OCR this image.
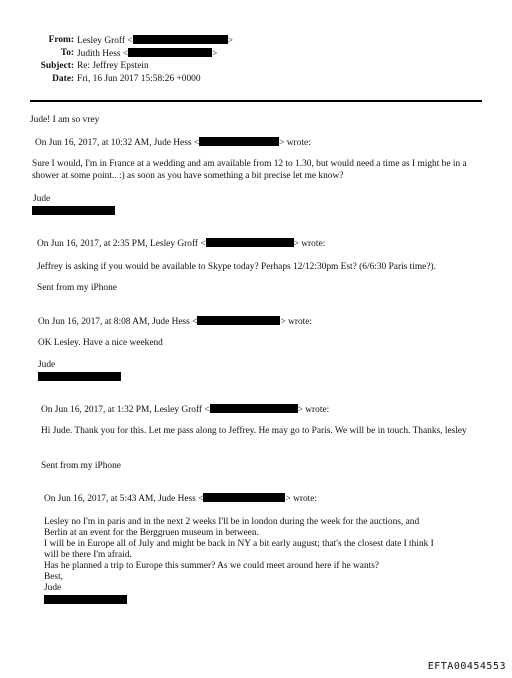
From: Lesley Groff <	>
To: Judith Hess <	>
Subject: Re: Jeffrey Epstein
Date: Fri, 16 Jun 2017 15:58:26 +0000
Jude! I am so vrey
On Jun 16, 2017, at 10:32 AM, Jude Hess <	> wrote:
Sure I would, I'm in France at a wedding and am available from 12 to 1.30, but would need a time as I might be in a shower at some point.. :) as soon as you have something a bit precise let me know?
Jude
On Jun 16, 2017, at 2:35 PM, Lesley Groff <	> wrote:
Jeffrey is asking if you would be available to Skype today? Perhaps 12/12:30pm Est? (6/6:30 Paris time?).
Sent from my iPhone
On Jun 16, 2017, at 8:08 AM, Jude Hess <	> wrote:
OK Lesley. Have a nice weekend
Jude
On Jun 16, 2017, at 1:32 PM, Lesley Groff <	> wrote:
Hi Jude. Thank you for this. Let me pass along to Jeffrey. He may go to Paris. We will be in touch. Thanks, lesley
Sent from my iPhone
On Jun 16, 2017, at 5:43 AM, Jude Hess <	> wrote:
Lesley no I'm in paris and in the next 2 weeks I'll be in london during the week for the auctions, and
Berlin at an event for the Berggruen museum in between.
I will be in Europe all of July and might be back in NY a bit early august; that's the closest date I think I
will be there I'm afraid.
Has he planned a trip to Europe this summer? As we could meet around here if he wants?
Best,
Jude
EFTA00454553
